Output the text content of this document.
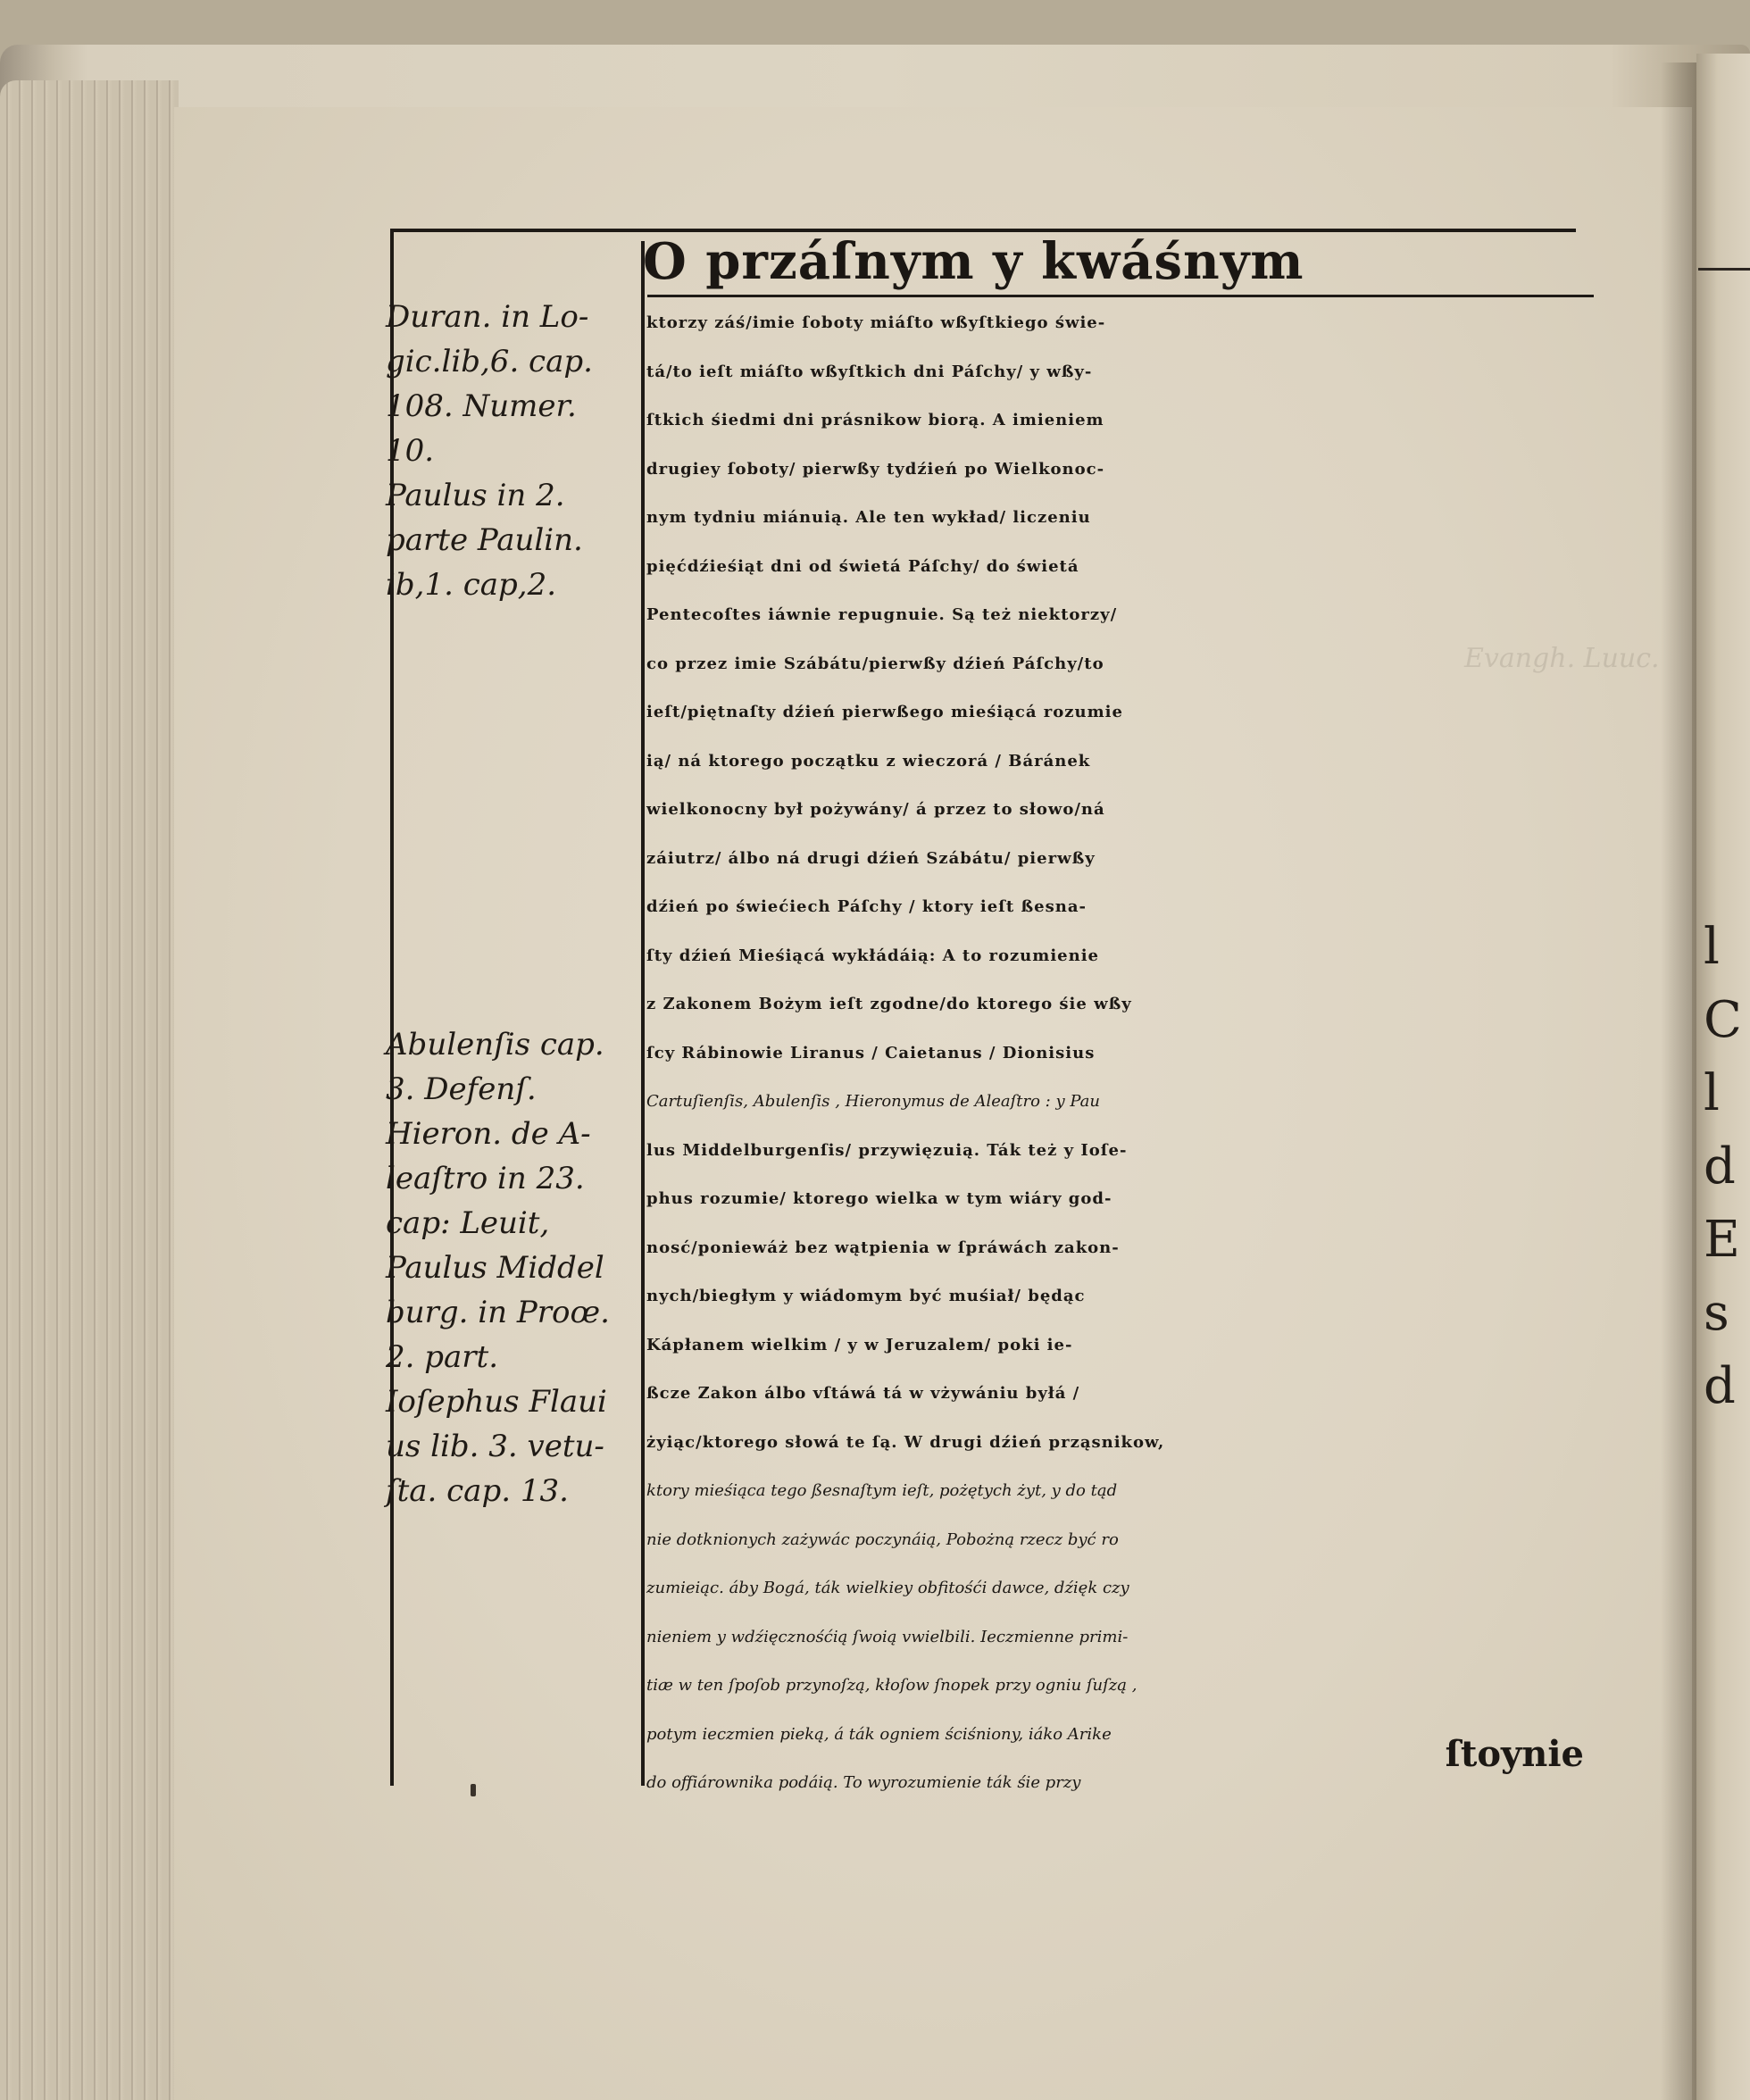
l
C
l
d
E
s
d
O przáſnym y kwáśnym
ktorzy záś/imie ſoboty miáſto wßyſtkiego świe-
tá/to ieſt miáſto wßyſtkich dni Páſchy/ y wßy-
ſtkich śiedmi dni prásnikow biorą. A imieniem
drugiey ſoboty/ pierwßy tydźień po Wielkonoc-
nym tydniu miánuią. Ale ten wykład/ liczeniu
pięćdźieśiąt dni od świetá Páſchy/ do świetá
Pentecoſtes iáwnie repugnuie. Są też niektorzy/
co przez imie Szábátu/pierwßy dźień Páſchy/to
ieſt/piętnaſty dźień pierwßego mieśiącá rozumie
ią/ ná ktorego początku z wieczorá / Báránek
wielkonocny był pożywány/ á przez to słowo/ná
záiutrz/ álbo ná drugi dźień Szábátu/ pierwßy
dźień po świećiech Páſchy / ktory ieſt ßesna-
ſty dźień Mieśiącá wykłádáią: A to rozumienie
z Zakonem Bożym ieſt zgodne/do ktorego śie wßy
ſcy Rábinowie Liranus / Caietanus / Dionisius
Cartuſienſis, Abulenſis , Hieronymus de Aleaſtro : y Pau
lus Middelburgenſis/ przywięzuią. Ták też y Ioſe-
phus rozumie/ ktorego wielka w tym wiáry god-
nosć/poniewáż bez wątpienia w ſpráwách zakon-
nych/biegłym y wiádomym być muśiał/ będąc
Kápłanem wielkim / y w Jeruzalem/ poki ie-
ßcze Zakon álbo vſtáwá tá w vżywániu byłá /
żyiąc/ktorego słowá te ſą. W drugi dźień prząsnikow,
ktory mieśiąca tego ßesnaſtym ieſt, pożętych żyt, y do tąd
nie dotknionych zażywác poczynáią, Pobożną rzecz być ro
zumieiąc. áby Bogá, ták wielkiey obfitośći dawce, dźięk czy
nieniem y wdźięcznośćią ſwoią vwielbili. Ieczmienne primi-
tiæ w ten ſpoſob przynoſzą, kłoſow ſnopek przy ogniu ſuſzą ,
potym ieczmien pieką, á ták ogniem ściśniony, iáko Arike
do offiárownika podáią. To wyrozumienie ták śie przy
ſtoynie
Duran. in Lo-
gic.lib,6. cap.
108. Numer.
10.
Paulus in 2.
parte Paulin.
ib,1. cap,2.
Abulenſis cap.
3. Defenſ.
Hieron. de A-
leaſtro in 23.
cap: Leuit,
Paulus Middel
burg. in Proœ.
2. part.
Ioſephus Flaui
us lib. 3. vetu-
ſta. cap. 13.
Evangh. Luuc.
